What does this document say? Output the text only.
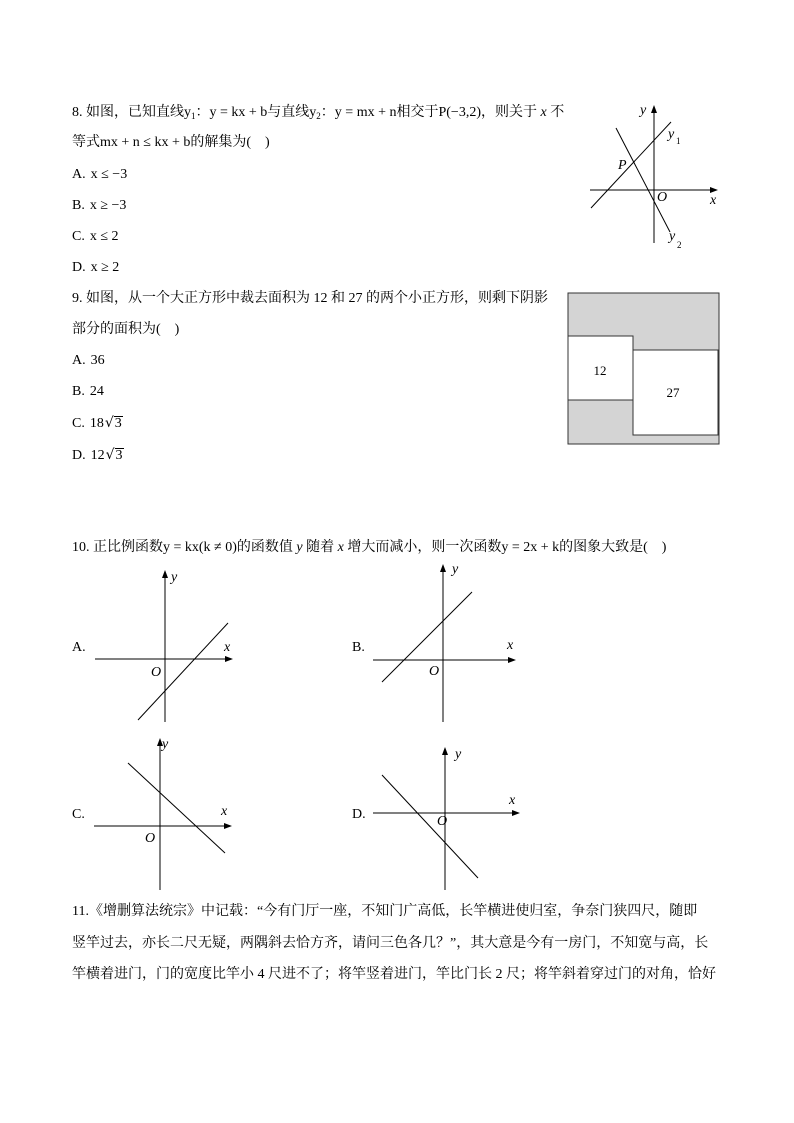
8. 如图，已知直线 $y_1$ ：y = kx + b 与直线 $y_2$ ：y = mx + n 相交于 P(−3,2) ，则关于 x 不
等式 mx + n ≤ kx + b 的解集为(　)
A. x ≤ −3
B. x ≥ −3
C. x ≤ 2
D. x ≥ 2
y
x
O
P
y 1
y
2
9. 如图，从一个大正方形中裁去面积为 12 和 27 的两个小正方形，则剩下阴影
部分的面积为(　)
A. 36
B. 24
C. 18 √ 3
D. 12 √ 3
12
27
10. 正比例函数 y = kx(k ≠ 0) 的函数值 y 随着 x 增大而减小，则一次函数 y = 2x + k 的图象大致是(　)
A.
y
x
O
B.
y
x
O
C.
y
x
O
D.
y
x
O
11.《增删算法统宗》中记载：“今有门厅一座，不知门广高低，长竿横进使归室，争奈门狭四尺，随即
竖竿过去，亦长二尺无疑，两隅斜去恰方齐，请问三色各几？”，其大意是今有一房门，不知宽与高，长
竿横着进门，门的宽度比竿小 4 尺进不了；将竿竖着进门，竿比门长 2 尺；将竿斜着穿过门的对角，恰好
